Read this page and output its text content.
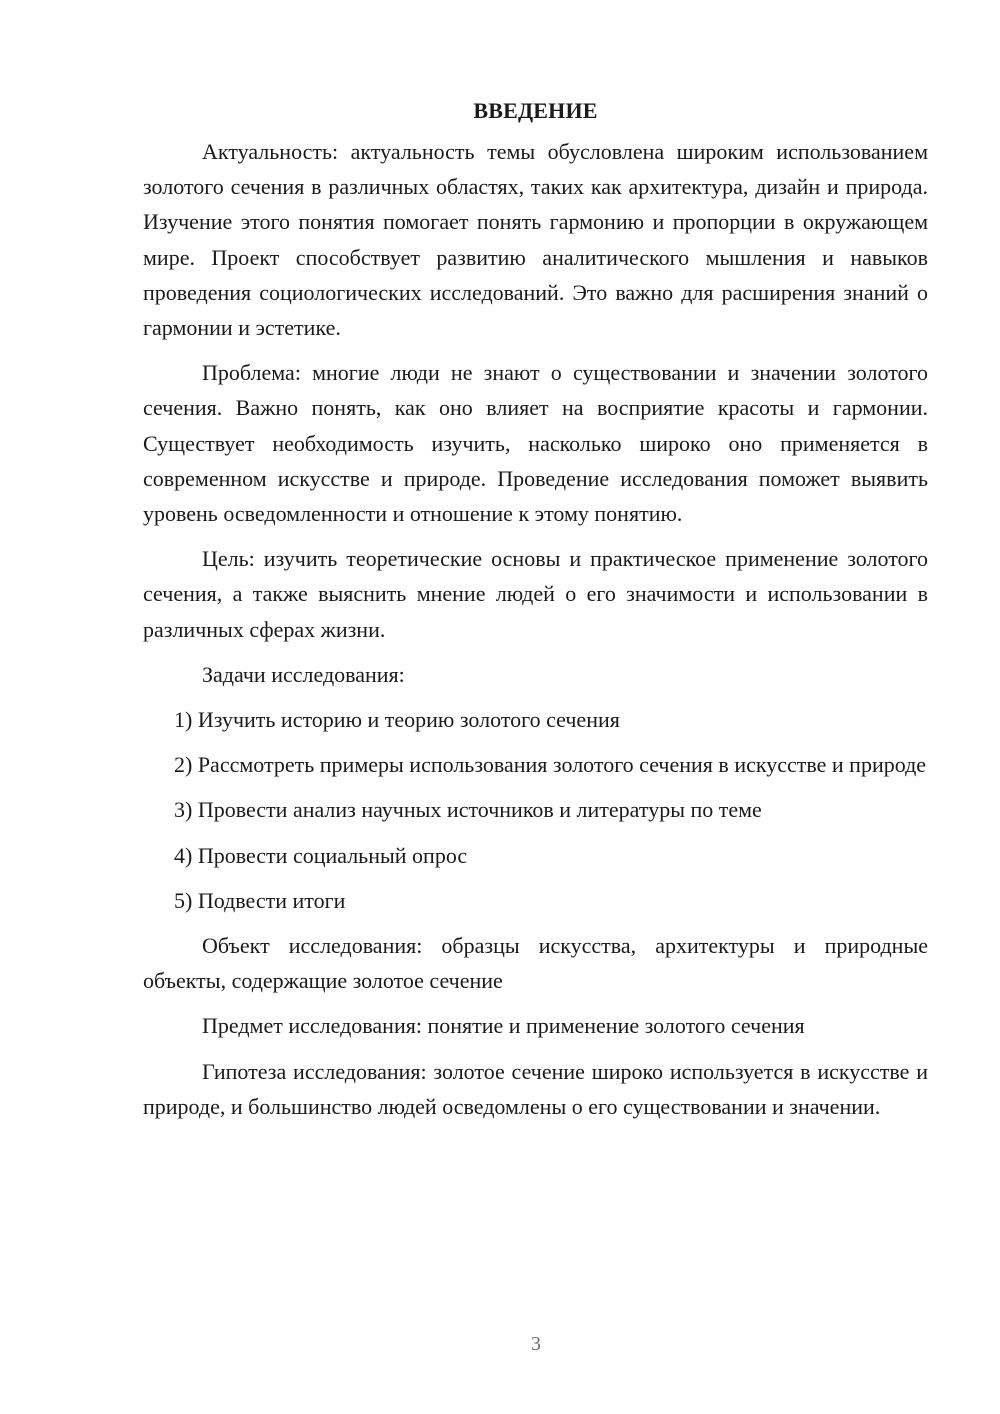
ВВЕДЕНИЕ

Актуальность: актуальность темы обусловлена широким использованием золотого сечения в различных областях, таких как архитектура, дизайн и природа. Изучение этого понятия помогает понять гармонию и пропорции в окружающем мире. Проект способствует развитию аналитического мышления и навыков проведения социологических исследований. Это важно для расширения знаний о гармонии и эстетике.

Проблема: многие люди не знают о существовании и значении золотого сечения. Важно понять, как оно влияет на восприятие красоты и гармонии. Существует необходимость изучить, насколько широко оно применяется в современном искусстве и природе. Проведение исследования поможет выявить уровень осведомленности и отношение к этому понятию.

Цель: изучить теоретические основы и практическое применение золотого сечения, а также выяснить мнение людей о его значимости и использовании в различных сферах жизни.

Задачи исследования:

1) Изучить историю и теорию золотого сечения

2) Рассмотреть примеры использования золотого сечения в искусстве и природе

3) Провести анализ научных источников и литературы по теме

4) Провести социальный опрос

5) Подвести итоги

Объект исследования: образцы искусства, архитектуры и природные объекты, содержащие золотое сечение

Предмет исследования: понятие и применение золотого сечения

Гипотеза исследования: золотое сечение широко используется в искусстве и природе, и большинство людей осведомлены о его существовании и значении.

3
